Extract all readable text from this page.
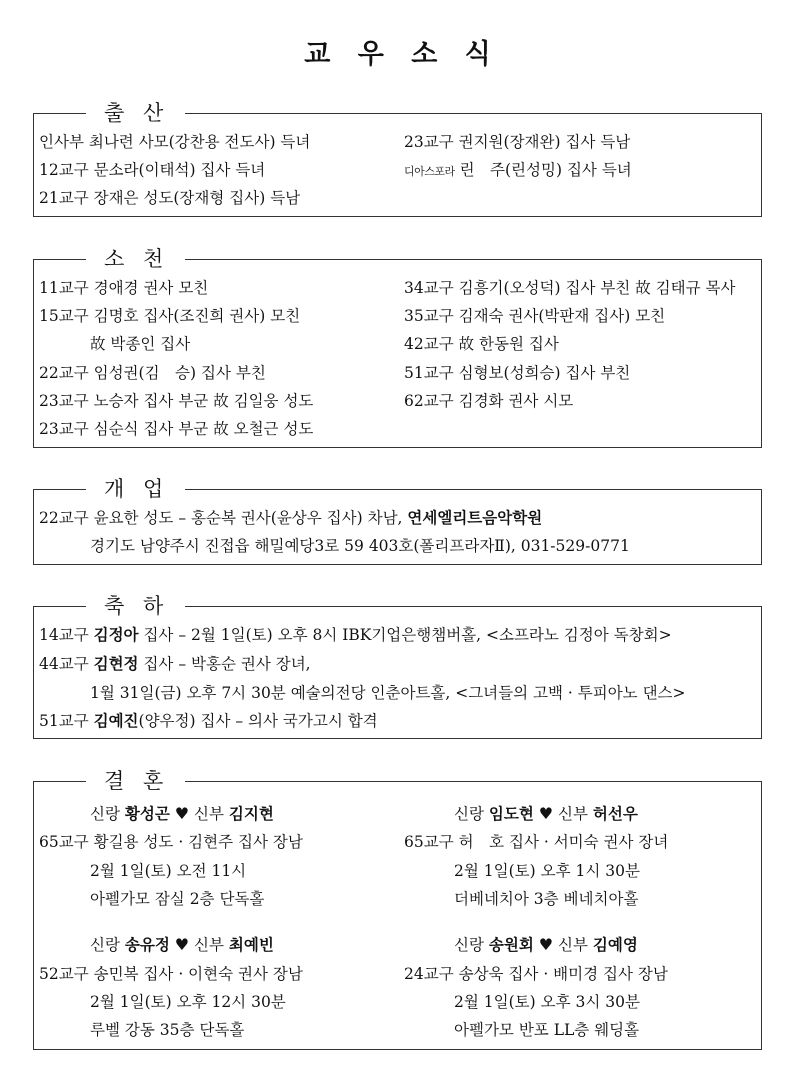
교 우 소 식
출 산
인사부 최나련 사모(강찬용 전도사) 득녀
12교구 문소라(이태석) 집사 득녀
21교구 장재은 성도(장재형 집사) 득남
23교구 권지원(장재완) 집사 득남
디아스포라 린　주(린성밍) 집사 득녀
소 천
11교구 경애경 권사 모친
15교구 김명호 집사(조진희 권사) 모친
故 박종인 집사
22교구 임성권(김　승) 집사 부친
23교구 노승자 집사 부군 故 김일웅 성도
23교구 심순식 집사 부군 故 오철근 성도
34교구 김흥기(오성덕) 집사 부친 故 김태규 목사
35교구 김재숙 권사(박판재 집사) 모친
42교구 故 한동원 집사
51교구 심형보(성희승) 집사 부친
62교구 김경화 권사 시모
개 업
22교구 윤요한 성도 – 홍순복 권사(윤상우 집사) 차남, 연세엘리트음악학원
경기도 남양주시 진접읍 해밀예당3로 59 403호(폴리프라자Ⅱ), 031-529-0771
축 하
14교구 김정아 집사 – 2월 1일(토) 오후 8시 IBK기업은행챔버홀, <소프라노 김정아 독창회>
44교구 김현정 집사 – 박홍순 권사 장녀,
1월 31일(금) 오후 7시 30분 예술의전당 인춘아트홀, <그녀들의 고백 · 투피아노 댄스>
51교구 김예진(양우정) 집사 – 의사 국가고시 합격
결 혼
신랑 황성곤 ♥ 신부 김지현
65교구 황길용 성도 · 김현주 집사 장남
2월 1일(토) 오전 11시
아펠가모 잠실 2층 단독홀
신랑 임도현 ♥ 신부 허선우
65교구 허　호 집사 · 서미숙 권사 장녀
2월 1일(토) 오후 1시 30분
더베네치아 3층 베네치아홀
신랑 송유정 ♥ 신부 최예빈
52교구 송민복 집사 · 이현숙 권사 장남
2월 1일(토) 오후 12시 30분
루벨 강동 35층 단독홀
신랑 송원회 ♥ 신부 김예영
24교구 송상욱 집사 · 배미경 집사 장남
2월 1일(토) 오후 3시 30분
아펠가모 반포 LL층 웨딩홀
